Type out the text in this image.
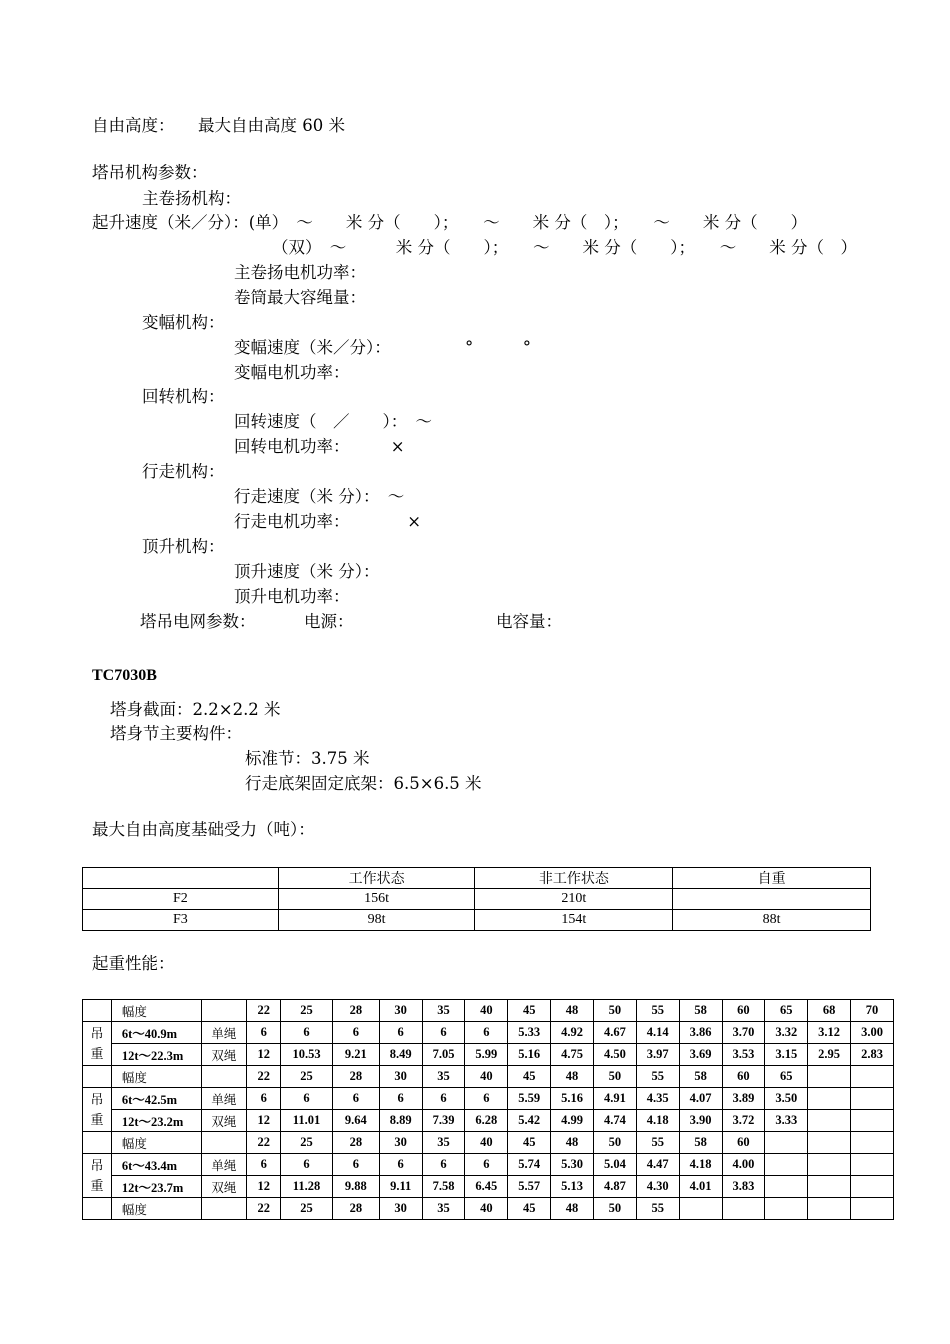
自由高度： 最大自由高度 60 米
塔吊机构参数：
主卷扬机构：
起升速度（米／分）：(单）　～　　米 分（　　）；　　～　　米 分（　）；　　～　　米 分（　　）
（双）　～　　　米 分（　　）；　　～　　米 分（　　）；　　～　　米 分（　）
主卷扬电机功率：
卷筒最大容绳量：
变幅机构：
变幅速度（米／分）：　　　　　°　　　°
变幅电机功率：
回转机构：
回转速度（　／　　）：　～
回转电机功率：　　　×
行走机构：
行走速度（米 分）：　～
行走电机功率：　　　　×
顶升机构：
顶升速度（米 分）：
顶升电机功率：
塔吊电网参数：	电源：	电容量：
TC7030B
塔身截面：2.2×2.2 米
塔身节主要构件：
标准节：3.75 米
行走底架固定底架：6.5×6.5 米
最大自由高度基础受力（吨）：
	工作状态	非工作状态	自重
F2	156t	210t	
F3	98t	154t	88t
起重性能：
	幅度		22	25	28	30	35	40	45	48	50	55	58	60	65	68	70
吊重	6t～40.9m	单绳	6	6	6	6	6	6	5.33	4.92	4.67	4.14	3.86	3.70	3.32	3.12	3.00
	12t～22.3m	双绳	12	10.53	9.21	8.49	7.05	5.99	5.16	4.75	4.50	3.97	3.69	3.53	3.15	2.95	2.83
	幅度		22	25	28	30	35	40	45	48	50	55	58	60	65		
吊重	6t～42.5m	单绳	6	6	6	6	6	6	5.59	5.16	4.91	4.35	4.07	3.89	3.50		
	12t～23.2m	双绳	12	11.01	9.64	8.89	7.39	6.28	5.42	4.99	4.74	4.18	3.90	3.72	3.33		
	幅度		22	25	28	30	35	40	45	48	50	55	58	60			
吊重	6t～43.4m	单绳	6	6	6	6	6	6	5.74	5.30	5.04	4.47	4.18	4.00			
	12t～23.7m	双绳	12	11.28	9.88	9.11	7.58	6.45	5.57	5.13	4.87	4.30	4.01	3.83			
	幅度		22	25	28	30	35	40	45	48	50	55					
